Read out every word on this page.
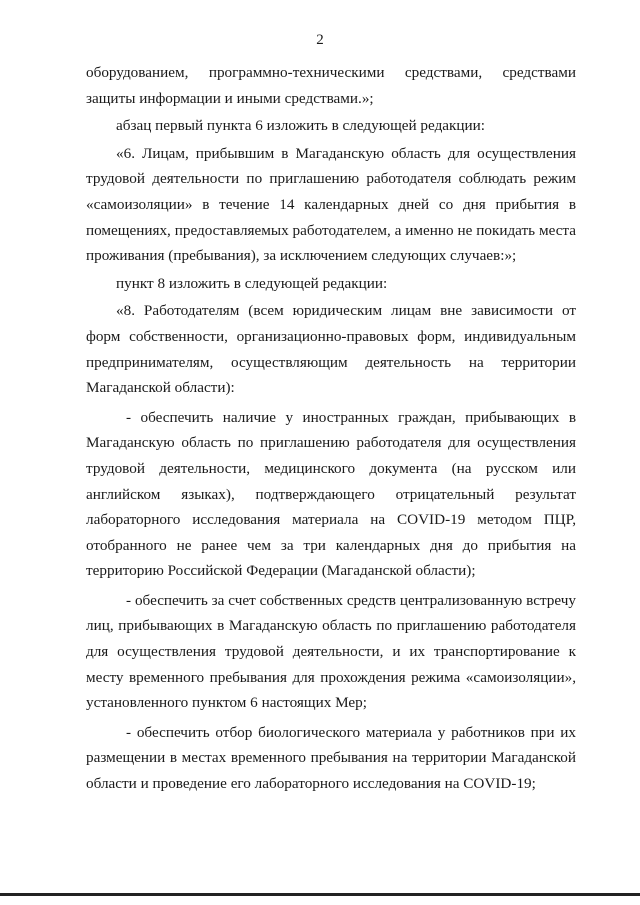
2

оборудованием, программно-техническими средствами, средствами защиты информации и иными средствами.»;

абзац первый пункта 6 изложить в следующей редакции:

«6. Лицам, прибывшим в Магаданскую область для осуществления трудовой деятельности по приглашению работодателя соблюдать режим «самоизоляции» в течение 14 календарных дней со дня прибытия в помещениях, предоставляемых работодателем, а именно не покидать места проживания (пребывания), за исключением следующих случаев:»;

пункт 8 изложить в следующей редакции:

«8. Работодателям (всем юридическим лицам вне зависимости от форм собственности, организационно-правовых форм, индивидуальным предпринимателям, осуществляющим деятельность на территории Магаданской области):

- обеспечить наличие у иностранных граждан, прибывающих в Магаданскую область по приглашению работодателя для осуществления трудовой деятельности, медицинского документа (на русском или английском языках), подтверждающего отрицательный результат лабораторного исследования материала на COVID-19 методом ПЦР, отобранного не ранее чем за три календарных дня до прибытия на территорию Российской Федерации (Магаданской области);

- обеспечить за счет собственных средств централизованную встречу лиц, прибывающих в Магаданскую область по приглашению работодателя для осуществления трудовой деятельности, и их транспортирование к месту временного пребывания для прохождения режима «самоизоляции», установленного пунктом 6 настоящих Мер;

- обеспечить отбор биологического материала у работников при их размещении в местах временного пребывания на территории Магаданской области и проведение его лабораторного исследования на COVID-19;
